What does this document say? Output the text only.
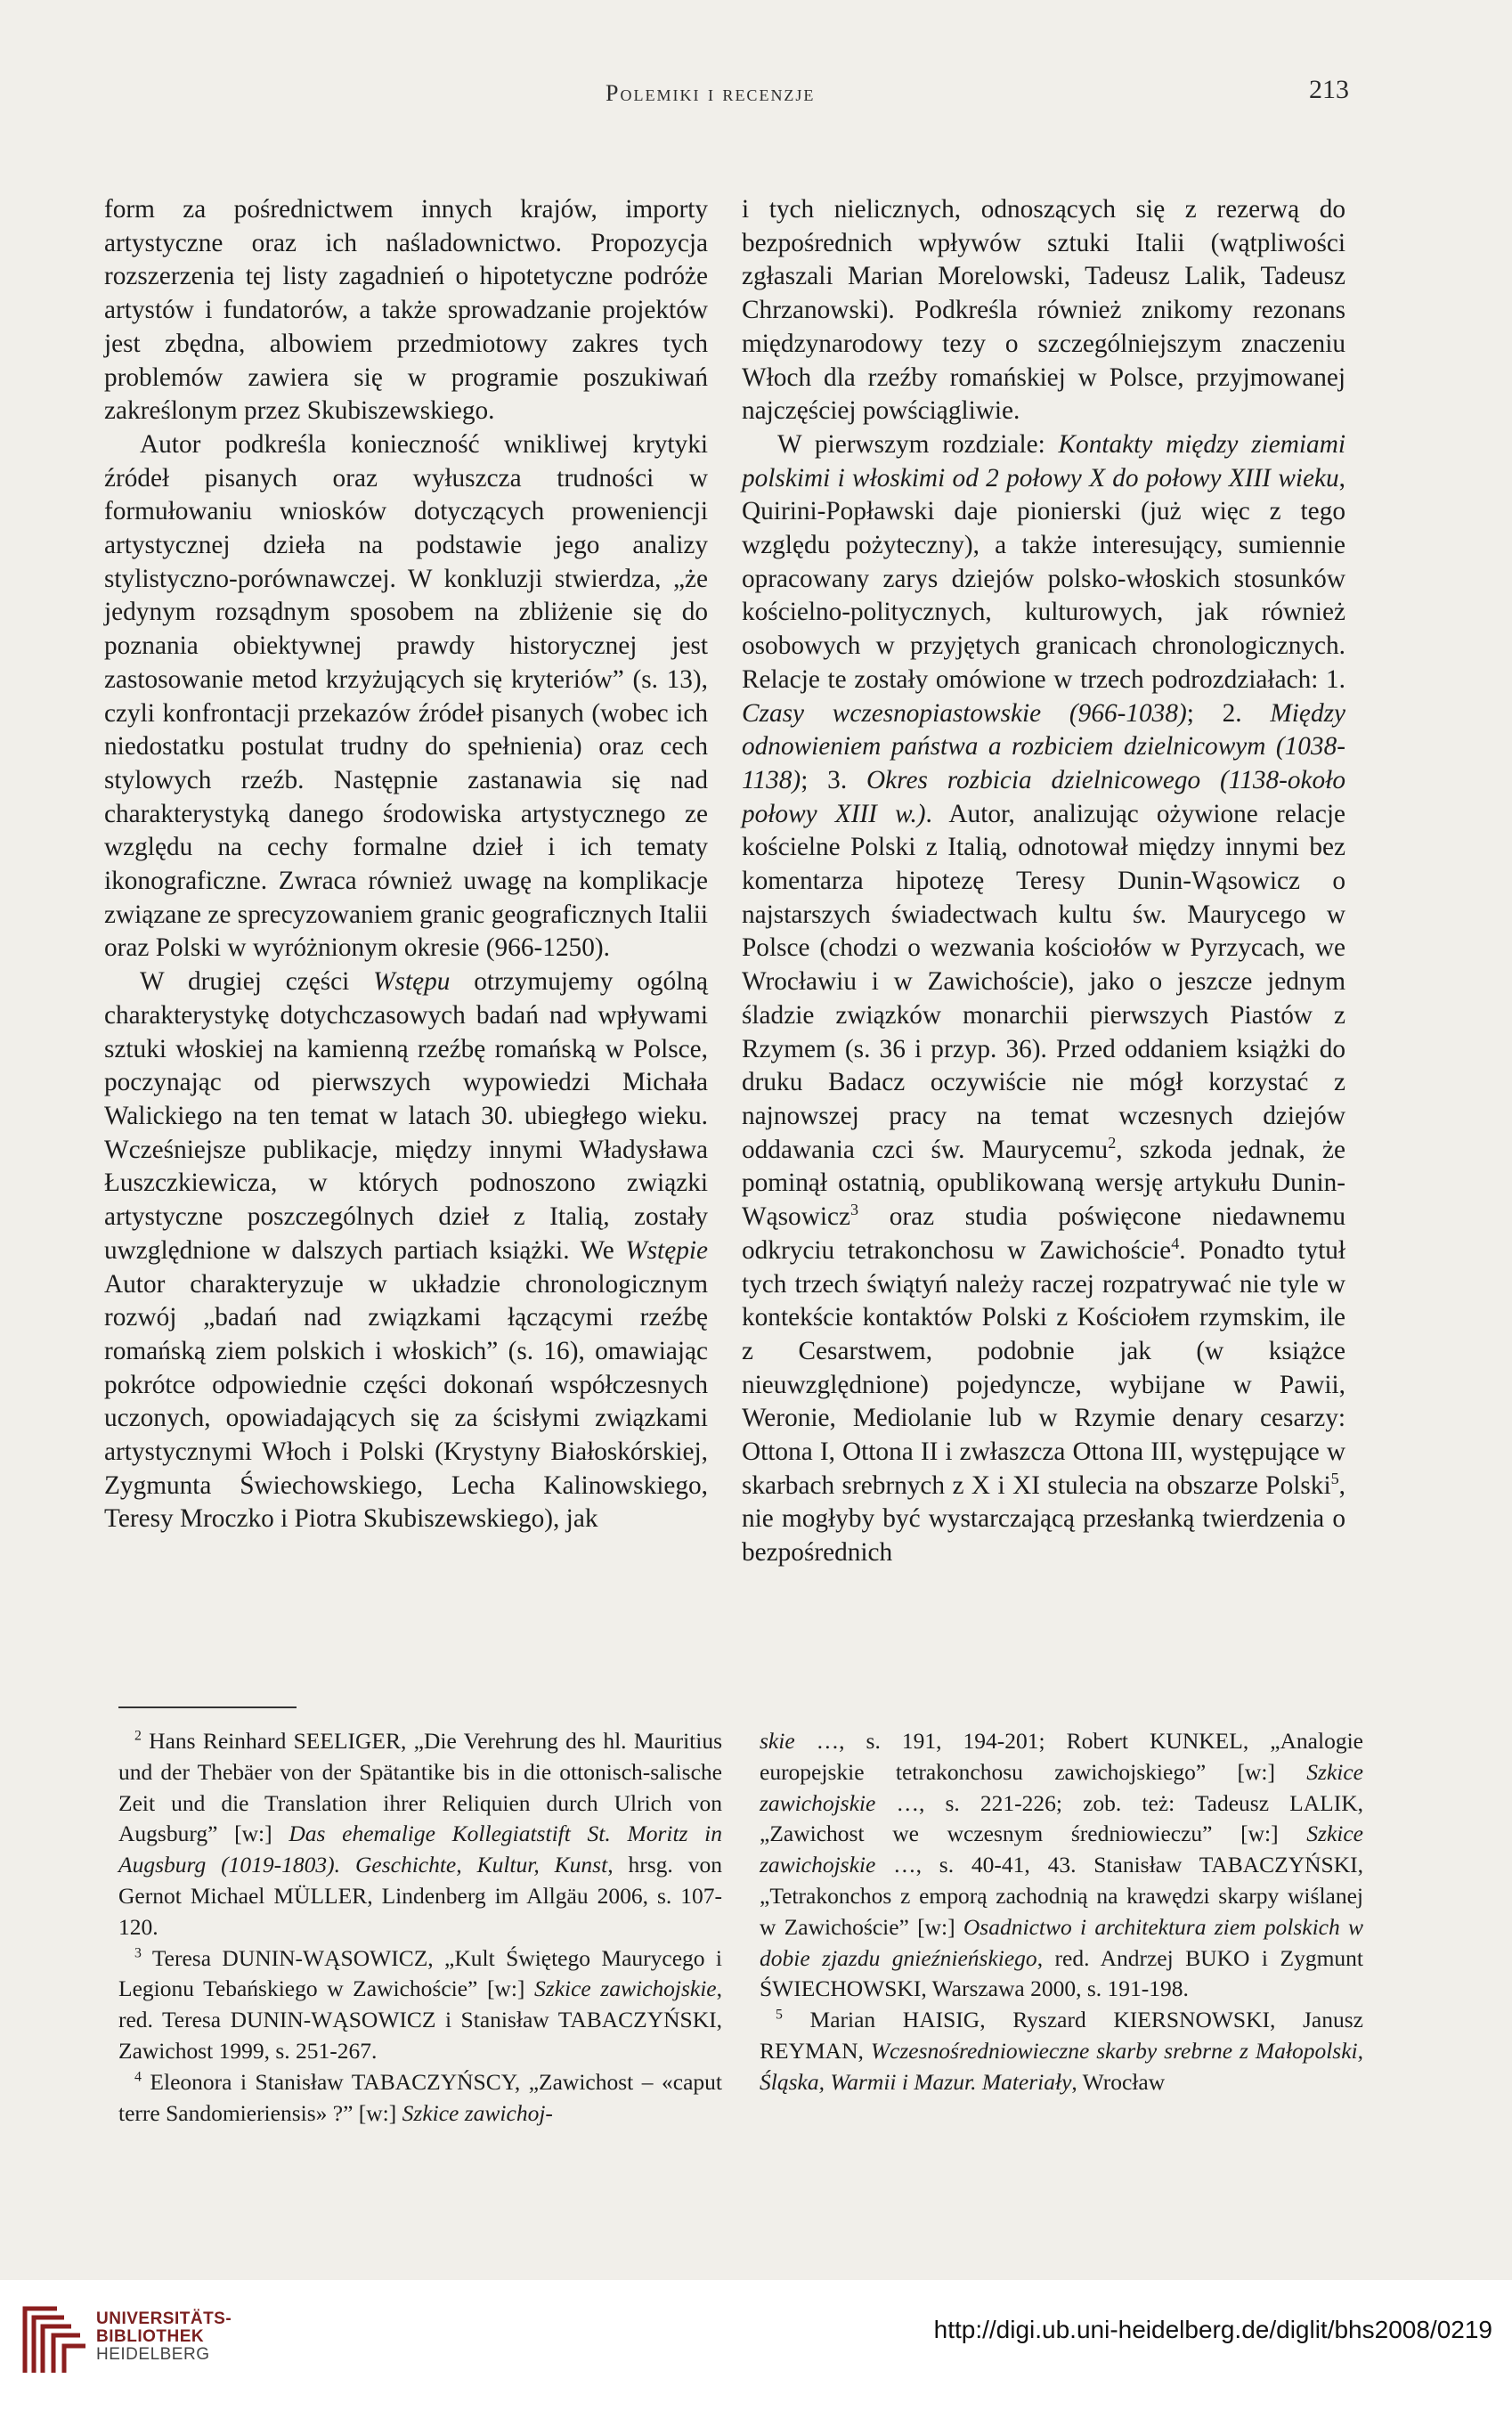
Polemiki i recenzje	213

form za pośrednictwem innych krajów, importy artystyczne oraz ich naśladownictwo. Propozycja rozszerzenia tej listy zagadnień o hipotetyczne podróże artystów i fundatorów, a także sprowadzanie projektów jest zbędna, albowiem przedmiotowy zakres tych problemów zawiera się w programie poszukiwań zakreślonym przez Skubiszewskiego.

Autor podkreśla konieczność wnikliwej krytyki źródeł pisanych oraz wyłuszcza trudności w formułowaniu wniosków dotyczących proweniencji artystycznej dzieła na podstawie jego analizy stylistyczno-porównawczej. W konkluzji stwierdza, „że jedynym rozsądnym sposobem na zbliżenie się do poznania obiektywnej prawdy historycznej jest zastosowanie metod krzyżujących się kryteriów” (s. 13), czyli konfrontacji przekazów źródeł pisanych (wobec ich niedostatku postulat trudny do spełnienia) oraz cech stylowych rzeźb. Następnie zastanawia się nad charakterystyką danego środowiska artystycznego ze względu na cechy formalne dzieł i ich tematy ikonograficzne. Zwraca również uwagę na komplikacje związane ze sprecyzowaniem granic geograficznych Italii oraz Polski w wyróżnionym okresie (966-1250).

W drugiej części Wstępu otrzymujemy ogólną charakterystykę dotychczasowych badań nad wpływami sztuki włoskiej na kamienną rzeźbę romańską w Polsce, poczynając od pierwszych wypowiedzi Michała Walickiego na ten temat w latach 30. ubiegłego wieku. Wcześniejsze publikacje, między innymi Władysława Łuszczkiewicza, w których podnoszono związki artystyczne poszczególnych dzieł z Italią, zostały uwzględnione w dalszych partiach książki. We Wstępie Autor charakteryzuje w układzie chronologicznym rozwój „badań nad związkami łączącymi rzeźbę romańską ziem polskich i włoskich” (s. 16), omawiając pokrótce odpowiednie części dokonań współczesnych uczonych, opowiadających się za ścisłymi związkami artystycznymi Włoch i Polski (Krystyny Białoskórskiej, Zygmunta Świechowskiego, Lecha Kalinowskiego, Teresy Mroczko i Piotra Skubiszewskiego), jak

i tych nielicznych, odnoszących się z rezerwą do bezpośrednich wpływów sztuki Italii (wątpliwości zgłaszali Marian Morelowski, Tadeusz Lalik, Tadeusz Chrzanowski). Podkreśla również znikomy rezonans międzynarodowy tezy o szczególniejszym znaczeniu Włoch dla rzeźby romańskiej w Polsce, przyjmowanej najczęściej powściągliwie.

W pierwszym rozdziale: Kontakty między ziemiami polskimi i włoskimi od 2 połowy X do połowy XIII wieku, Quirini-Popławski daje pionierski (już więc z tego względu pożyteczny), a także interesujący, sumiennie opracowany zarys dziejów polsko-włoskich stosunków kościelno-politycznych, kulturowych, jak również osobowych w przyjętych granicach chronologicznych. Relacje te zostały omówione w trzech podrozdziałach: 1. Czasy wczesnopiastowskie (966-1038); 2. Między odnowieniem państwa a rozbiciem dzielnicowym (1038-1138); 3. Okres rozbicia dzielnicowego (1138-około połowy XIII w.). Autor, analizując ożywione relacje kościelne Polski z Italią, odnotował między innymi bez komentarza hipotezę Teresy Dunin-Wąsowicz o najstarszych świadectwach kultu św. Maurycego w Polsce (chodzi o wezwania kościołów w Pyrzycach, we Wrocławiu i w Zawichoście), jako o jeszcze jednym śladzie związków monarchii pierwszych Piastów z Rzymem (s. 36 i przyp. 36). Przed oddaniem książki do druku Badacz oczywiście nie mógł korzystać z najnowszej pracy na temat wczesnych dziejów oddawania czci św. Maurycemu$^2$, szkoda jednak, że pominął ostatnią, opublikowaną wersję artykułu Dunin-Wąsowicz$^3$ oraz studia poświęcone niedawnemu odkryciu tetrakonchosu w Zawichoście$^4$. Ponadto tytuł tych trzech świątyń należy raczej rozpatrywać nie tyle w kontekście kontaktów Polski z Kościołem rzymskim, ile z Cesarstwem, podobnie jak (w książce nieuwzględnione) pojedyncze, wybijane w Pawii, Weronie, Mediolanie lub w Rzymie denary cesarzy: Ottona I, Ottona II i zwłaszcza Ottona III, występujące w skarbach srebrnych z X i XI stulecia na obszarze Polski$^5$, nie mogłyby być wystarczającą przesłanką twierdzenia o bezpośrednich

$^2$ Hans Reinhard SEELIGER, „Die Verehrung des hl. Mauritius und der Thebäer von der Spätantike bis in die ottonisch-salische Zeit und die Translation ihrer Reliquien durch Ulrich von Augsburg” [w:] Das ehemalige Kollegiatstift St. Moritz in Augsburg (1019-1803). Geschichte, Kultur, Kunst, hrsg. von Gernot Michael MÜLLER, Lindenberg im Allgäu 2006, s. 107-120.

$^3$ Teresa DUNIN-WĄSOWICZ, „Kult Świętego Maurycego i Legionu Tebańskiego w Zawichoście” [w:] Szkice zawichojskie, red. Teresa DUNIN-WĄSOWICZ i Stanisław TABACZYŃSKI, Zawichost 1999, s. 251-267.

$^4$ Eleonora i Stanisław TABACZYŃSCY, „Zawichost – «caput terre Sandomieriensis» ?” [w:] Szkice zawichoj-

skie …, s. 191, 194-201; Robert KUNKEL, „Analogie europejskie tetrakonchosu zawichojskiego” [w:] Szkice zawichojskie …, s. 221-226; zob. też: Tadeusz LALIK, „Zawichost we wczesnym średniowieczu” [w:] Szkice zawichojskie …, s. 40-41, 43. Stanisław TABACZYŃSKI, „Tetrakonchos z emporą zachodnią na krawędzi skarpy wiślanej w Zawichoście” [w:] Osadnictwo i architektura ziem polskich w dobie zjazdu gnieźnieńskiego, red. Andrzej BUKO i Zygmunt ŚWIECHOWSKI, Warszawa 2000, s. 191-198.

$^5$ Marian HAISIG, Ryszard KIERSNOWSKI, Janusz REYMAN, Wczesnośredniowieczne skarby srebrne z Małopolski, Śląska, Warmii i Mazur. Materiały, Wrocław

UNIVERSITÄTS-
BIBLIOTHEK
HEIDELBERG
http://digi.ub.uni-heidelberg.de/diglit/bhs2008/0219
